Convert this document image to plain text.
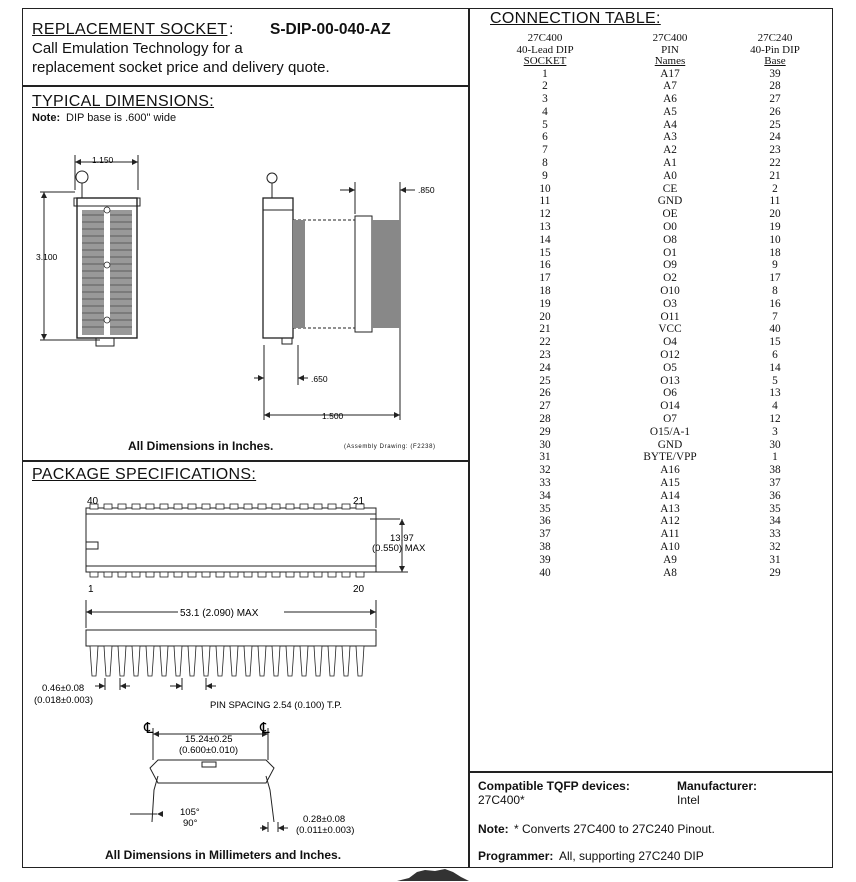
REPLACEMENT SOCKET : S-DIP-00-040-AZ
Call Emulation Technology for a
replacement socket price and delivery quote.
TYPICAL DIMENSIONS:
Note: DIP base is .600" wide
1.150
3.100
.850
.650
1.500
All Dimensions in Inches.	(Assembly Drawing: (F2238)
PACKAGE SPECIFICATIONS:
40	21
1	20
13.97
(0.550) MAX
53.1 (2.090) MAX
0.46±0.08
(0.018±0.003)	PIN SPACING 2.54 (0.100) T.P.
℄	℄
15.24±0.25
(0.600±0.010)
105°
90°	0.28±0.08
(0.011±0.003)
All Dimensions in Millimeters and Inches.
CONNECTION TABLE:
27C400	27C400	27C240
40-Lead DIP	PIN	40-Pin DIP
SOCKET	Names	Base
1	A17	39
2	A7	28
3	A6	27
4	A5	26
5	A4	25
6	A3	24
7	A2	23
8	A1	22
9	A0	21
10	CE	2
11	GND	11
12	OE	20
13	O0	19
14	O8	10
15	O1	18
16	O9	9
17	O2	17
18	O10	8
19	O3	16
20	O11	7
21	VCC	40
22	O4	15
23	O12	6
24	O5	14
25	O13	5
26	O6	13
27	O14	4
28	O7	12
29	O15/A-1	3
30	GND	30
31	BYTE/VPP	1
32	A16	38
33	A15	37
34	A14	36
35	A13	35
36	A12	34
37	A11	33
38	A10	32
39	A9	31
40	A8	29
Compatible TQFP devices:
27C400*
Manufacturer:
Intel
Note: * Converts 27C400 to 27C240 Pinout.
Programmer: All, supporting 27C240 DIP
